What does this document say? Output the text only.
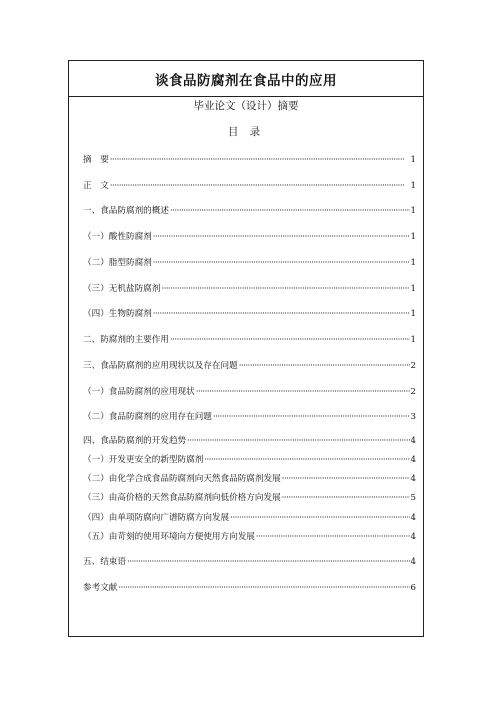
谈食品防腐剂在食品中的应用
毕业论文（设计）摘要
目 录
摘　要 ·····	1
正　文 ·····	1
一、食品防腐剂的概述 ·····	1
（一）酸性防腐剂 ·····	1
（二）脂型防腐剂 ·····	1
（三）无机盐防腐剂 ·····	1
（四）生物防腐剂 ·····	1
二、防腐剂的主要作用 ·····	1
三、食品防腐剂的应用现状以及存在问题 ·····	2
（一）食品防腐剂的应用现状 ·····	2
（二）食品防腐剂的应用存在问题 ·····	3
四、食品防腐剂的开发趋势 ·····	4
（一）开发更安全的新型防腐剂 ·····	4
（二）由化学合成食品防腐剂向天然食品防腐剂发展 ·····	4
（三）由高价格的天然食品防腐剂向低价格方向发展 ·····	5
（四）由单项防腐向广谱防腐方向发展 ·····	4
（五）由苛刻的使用环境向方便使用方向发展 ·····	4
五、结束语 ·····	4
参考文献 ·····	6
